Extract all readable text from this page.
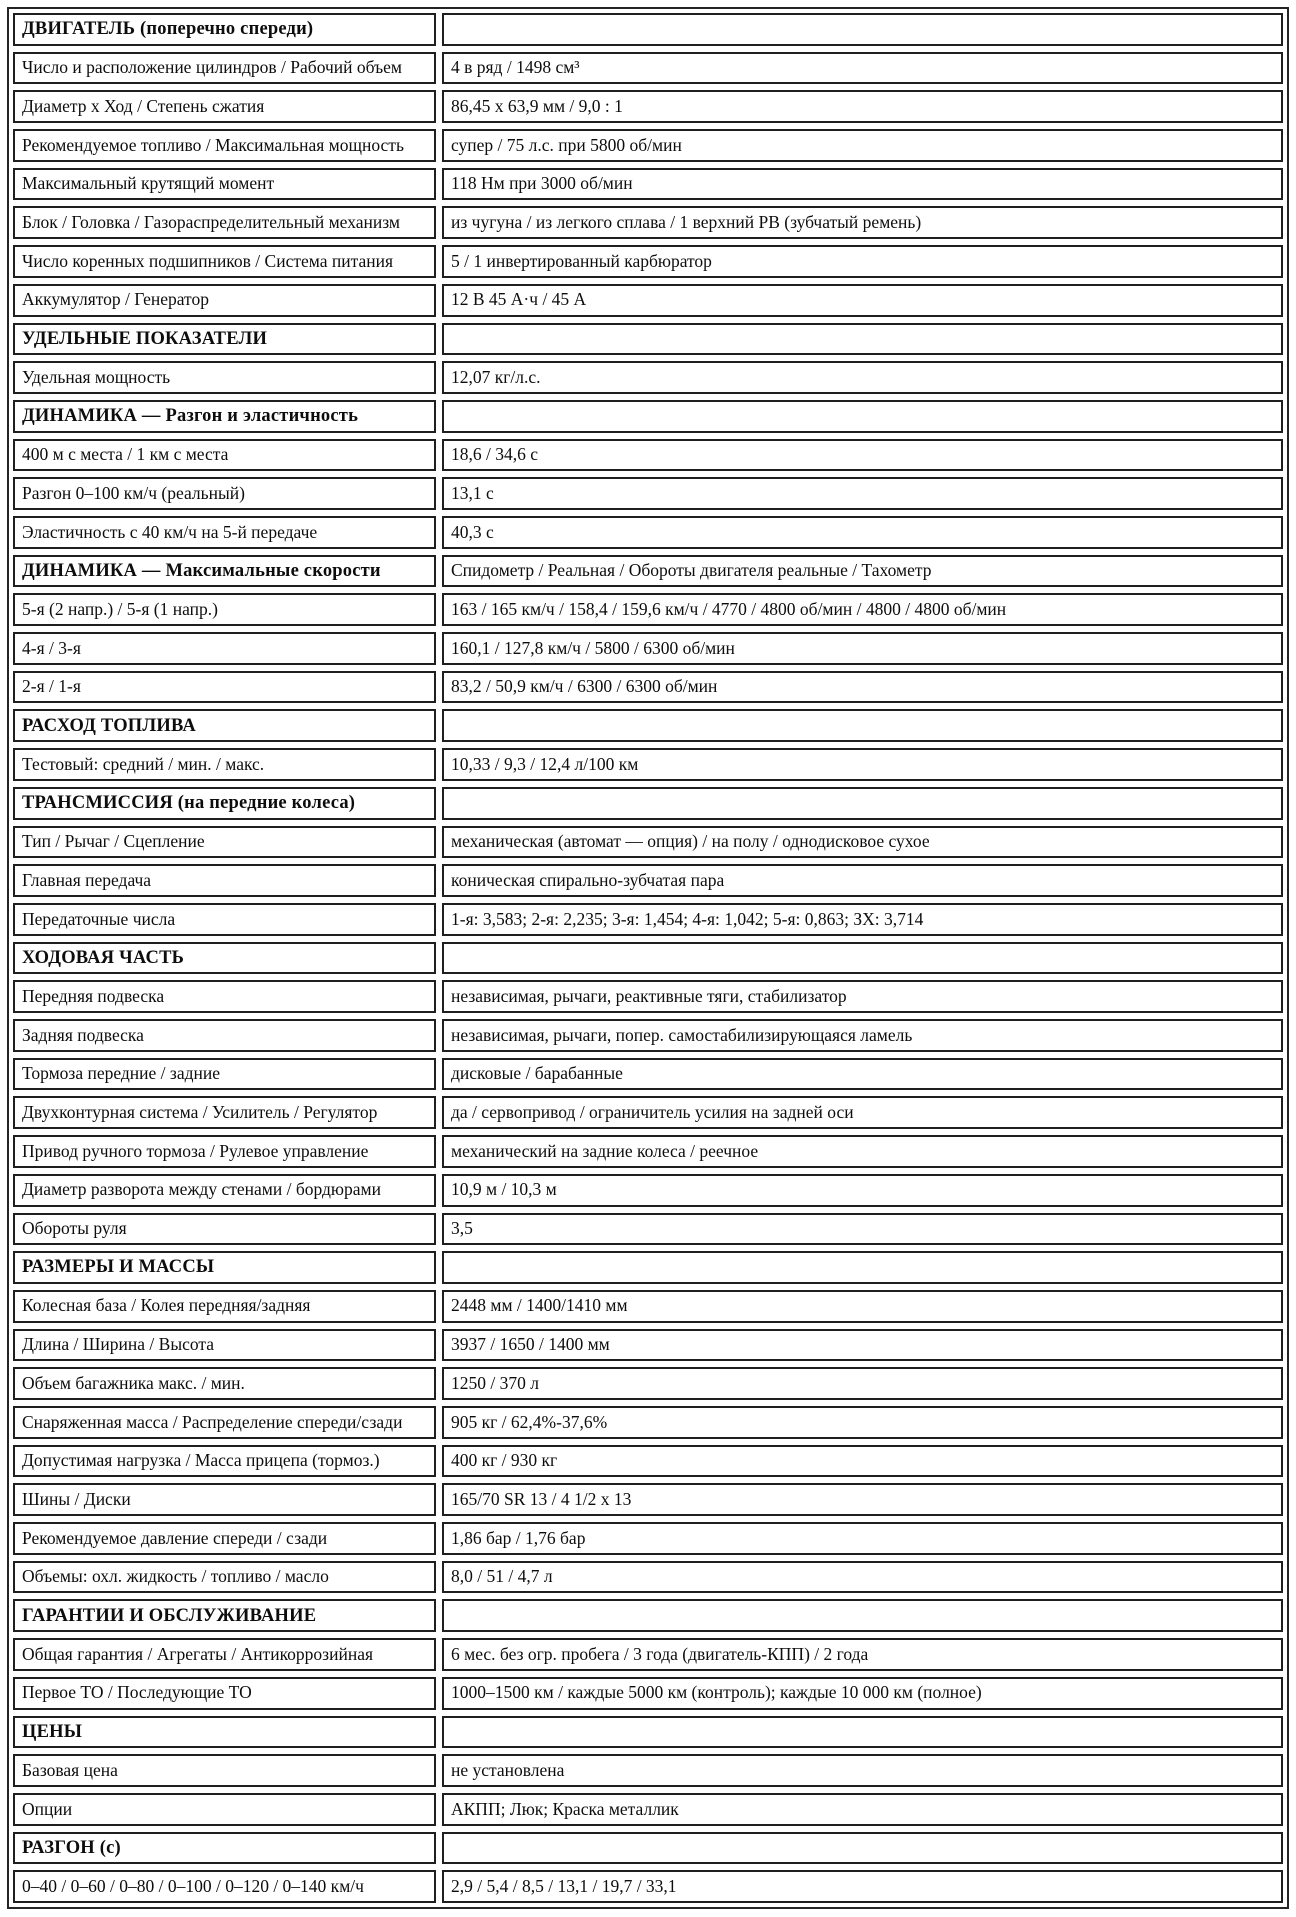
ДВИГАТЕЛЬ (поперечно спереди)
Число и расположение цилиндров / Рабочий объем	4 в ряд / 1498 см³
Диаметр x Ход / Степень сжатия	86,45 x 63,9 мм / 9,0 : 1
Рекомендуемое топливо / Максимальная мощность	супер / 75 л.с. при 5800 об/мин
Максимальный крутящий момент	118 Нм при 3000 об/мин
Блок / Головка / Газораспределительный механизм	из чугуна / из легкого сплава / 1 верхний РВ (зубчатый ремень)
Число коренных подшипников / Система питания	5 / 1 инвертированный карбюратор
Аккумулятор / Генератор	12 В 45 А·ч / 45 А
УДЕЛЬНЫЕ ПОКАЗАТЕЛИ
Удельная мощность	12,07 кг/л.с.
ДИНАМИКА — Разгон и эластичность
400 м с места / 1 км с места	18,6 / 34,6 с
Разгон 0–100 км/ч (реальный)	13,1 с
Эластичность с 40 км/ч на 5-й передаче	40,3 с
ДИНАМИКА — Максимальные скорости	Спидометр / Реальная / Обороты двигателя реальные / Тахометр
5-я (2 напр.) / 5-я (1 напр.)	163 / 165 км/ч / 158,4 / 159,6 км/ч / 4770 / 4800 об/мин / 4800 / 4800 об/мин
4-я / 3-я	160,1 / 127,8 км/ч / 5800 / 6300 об/мин
2-я / 1-я	83,2 / 50,9 км/ч / 6300 / 6300 об/мин
РАСХОД ТОПЛИВА
Тестовый: средний / мин. / макс.	10,33 / 9,3 / 12,4 л/100 км
ТРАНСМИССИЯ (на передние колеса)
Тип / Рычаг / Сцепление	механическая (автомат — опция) / на полу / однодисковое сухое
Главная передача	коническая спирально-зубчатая пара
Передаточные числа	1-я: 3,583; 2-я: 2,235; 3-я: 1,454; 4-я: 1,042; 5-я: 0,863; ЗХ: 3,714
ХОДОВАЯ ЧАСТЬ
Передняя подвеска	независимая, рычаги, реактивные тяги, стабилизатор
Задняя подвеска	независимая, рычаги, попер. самостабилизирующаяся ламель
Тормоза передние / задние	дисковые / барабанные
Двухконтурная система / Усилитель / Регулятор	да / сервопривод / ограничитель усилия на задней оси
Привод ручного тормоза / Рулевое управление	механический на задние колеса / реечное
Диаметр разворота между стенами / бордюрами	10,9 м / 10,3 м
Обороты руля	3,5
РАЗМЕРЫ И МАССЫ
Колесная база / Колея передняя/задняя	2448 мм / 1400/1410 мм
Длина / Ширина / Высота	3937 / 1650 / 1400 мм
Объем багажника макс. / мин.	1250 / 370 л
Снаряженная масса / Распределение спереди/сзади	905 кг / 62,4%-37,6%
Допустимая нагрузка / Масса прицепа (тормоз.)	400 кг / 930 кг
Шины / Диски	165/70 SR 13 / 4 1/2 x 13
Рекомендуемое давление спереди / сзади	1,86 бар / 1,76 бар
Объемы: охл. жидкость / топливо / масло	8,0 / 51 / 4,7 л
ГАРАНТИИ И ОБСЛУЖИВАНИЕ
Общая гарантия / Агрегаты / Антикоррозийная	6 мес. без огр. пробега / 3 года (двигатель-КПП) / 2 года
Первое ТО / Последующие ТО	1000–1500 км / каждые 5000 км (контроль); каждые 10 000 км (полное)
ЦЕНЫ
Базовая цена	не установлена
Опции	АКПП; Люк; Краска металлик
РАЗГОН (с)
0–40 / 0–60 / 0–80 / 0–100 / 0–120 / 0–140 км/ч	2,9 / 5,4 / 8,5 / 13,1 / 19,7 / 33,1
